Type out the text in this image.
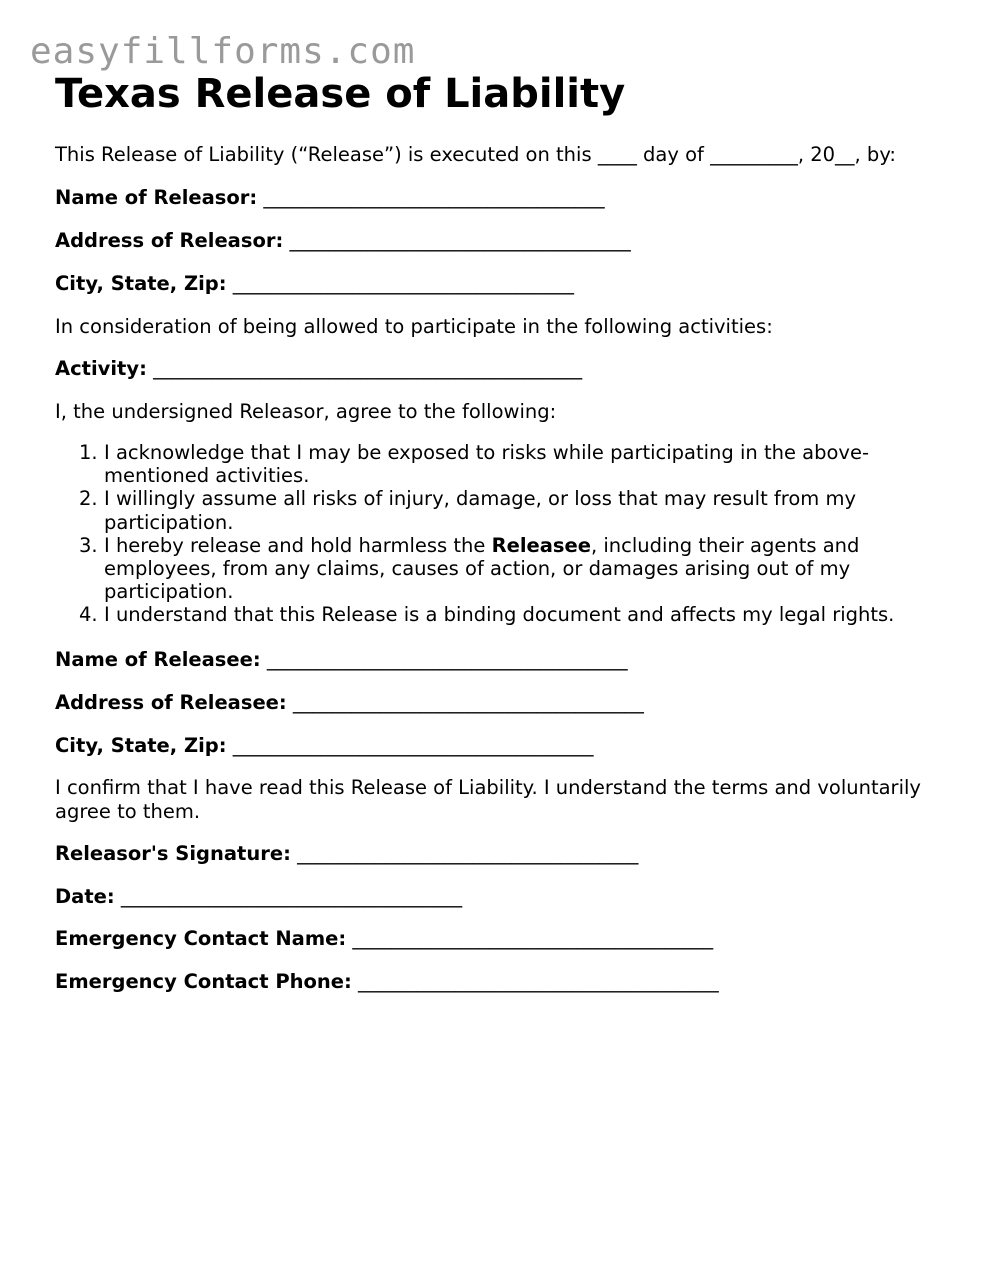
easyfillforms.com
Texas Release of Liability
This Release of Liability (“Release”) is executed on this ____ day of _________, 20__, by:
Name of Releasor: ___________________________________
Address of Releasor: ___________________________________
City, State, Zip: ___________________________________
In consideration of being allowed to participate in the following activities:
Activity: ____________________________________________
I, the undersigned Releasor, agree to the following:
1. I acknowledge that I may be exposed to risks while participating in the above-mentioned activities.
2. I willingly assume all risks of injury, damage, or loss that may result from my participation.
3. I hereby release and hold harmless the Releasee, including their agents and employees, from any claims, causes of action, or damages arising out of my participation.
4. I understand that this Release is a binding document and affects my legal rights.
Name of Releasee: _____________________________________
Address of Releasee: ____________________________________
City, State, Zip: _____________________________________
I confirm that I have read this Release of Liability. I understand the terms and voluntarily agree to them.
Releasor's Signature: ___________________________________
Date: ___________________________________
Emergency Contact Name: _____________________________________
Emergency Contact Phone: _____________________________________
